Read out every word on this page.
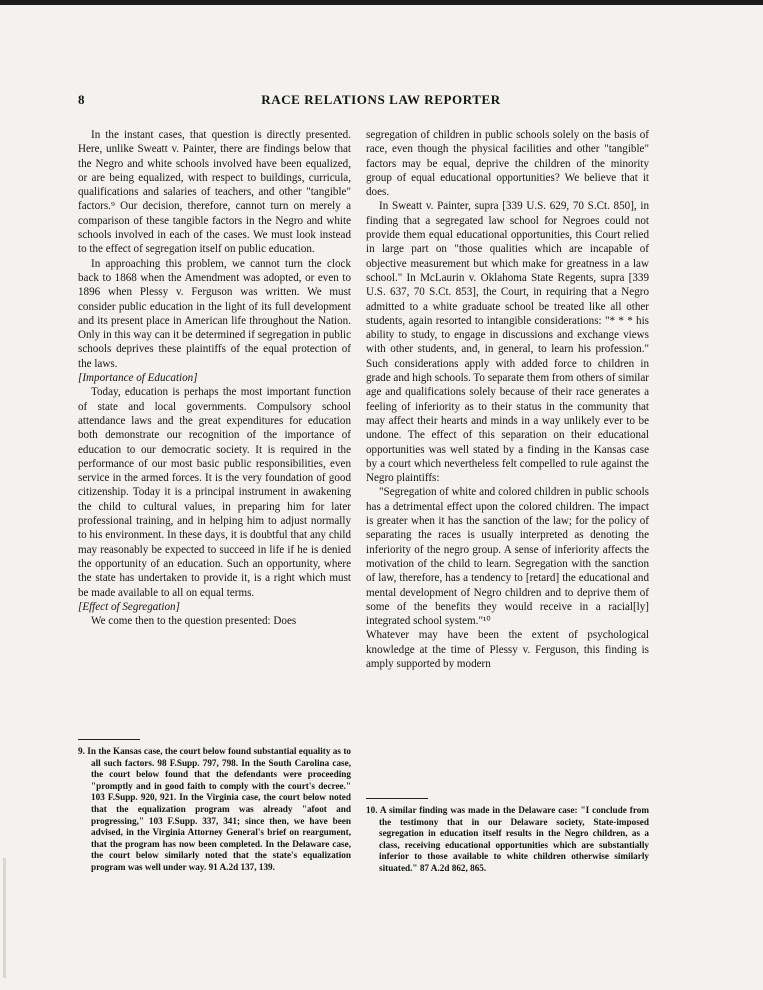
8	RACE RELATIONS LAW REPORTER

In the instant cases, that question is directly presented. Here, unlike Sweatt v. Painter, there are findings below that the Negro and white schools involved have been equalized, or are being equalized, with respect to buildings, curricula, qualifications and salaries of teachers, and other "tangible" factors.⁹ Our decision, therefore, cannot turn on merely a comparison of these tangible factors in the Negro and white schools involved in each of the cases. We must look instead to the effect of segregation itself on public education.

In approaching this problem, we cannot turn the clock back to 1868 when the Amendment was adopted, or even to 1896 when Plessy v. Ferguson was written. We must consider public education in the light of its full development and its present place in American life throughout the Nation. Only in this way can it be determined if segregation in public schools deprives these plaintiffs of the equal protection of the laws.

[Importance of Education]

Today, education is perhaps the most important function of state and local governments. Compulsory school attendance laws and the great expenditures for education both demonstrate our recognition of the importance of education to our democratic society. It is required in the performance of our most basic public responsibilities, even service in the armed forces. It is the very foundation of good citizenship. Today it is a principal instrument in awakening the child to cultural values, in preparing him for later professional training, and in helping him to adjust normally to his environment. In these days, it is doubtful that any child may reasonably be expected to succeed in life if he is denied the opportunity of an education. Such an opportunity, where the state has undertaken to provide it, is a right which must be made available to all on equal terms.

[Effect of Segregation]

We come then to the question presented: Does

segregation of children in public schools solely on the basis of race, even though the physical facilities and other "tangible" factors may be equal, deprive the children of the minority group of equal educational opportunities? We believe that it does.

In Sweatt v. Painter, supra [339 U.S. 629, 70 S.Ct. 850], in finding that a segregated law school for Negroes could not provide them equal educational opportunities, this Court relied in large part on "those qualities which are incapable of objective measurement but which make for greatness in a law school." In McLaurin v. Oklahoma State Regents, supra [339 U.S. 637, 70 S.Ct. 853], the Court, in requiring that a Negro admitted to a white graduate school be treated like all other students, again resorted to intangible considerations: "* * * his ability to study, to engage in discussions and exchange views with other students, and, in general, to learn his profession." Such considerations apply with added force to children in grade and high schools. To separate them from others of similar age and qualifications solely because of their race generates a feeling of inferiority as to their status in the community that may affect their hearts and minds in a way unlikely ever to be undone. The effect of this separation on their educational opportunities was well stated by a finding in the Kansas case by a court which nevertheless felt compelled to rule against the Negro plaintiffs:

"Segregation of white and colored children in public schools has a detrimental effect upon the colored children. The impact is greater when it has the sanction of the law; for the policy of separating the races is usually interpreted as denoting the inferiority of the negro group. A sense of inferiority affects the motivation of the child to learn. Segregation with the sanction of law, therefore, has a tendency to [retard] the educational and mental development of Negro children and to deprive them of some of the benefits they would receive in a racial[ly] integrated school system."¹⁰

Whatever may have been the extent of psychological knowledge at the time of Plessy v. Ferguson, this finding is amply supported by modern

9. In the Kansas case, the court below found substantial equality as to all such factors. 98 F.Supp. 797, 798. In the South Carolina case, the court below found that the defendants were proceeding "promptly and in good faith to comply with the court's decree." 103 F.Supp. 920, 921. In the Virginia case, the court below noted that the equalization program was already "afoot and progressing," 103 F.Supp. 337, 341; since then, we have been advised, in the Virginia Attorney General's brief on reargument, that the program has now been completed. In the Delaware case, the court below similarly noted that the state's equalization program was well under way. 91 A.2d 137, 139.

10. A similar finding was made in the Delaware case: "I conclude from the testimony that in our Delaware society, State-imposed segregation in education itself results in the Negro children, as a class, receiving educational opportunities which are substantially inferior to those available to white children otherwise similarly situated." 87 A.2d 862, 865.
